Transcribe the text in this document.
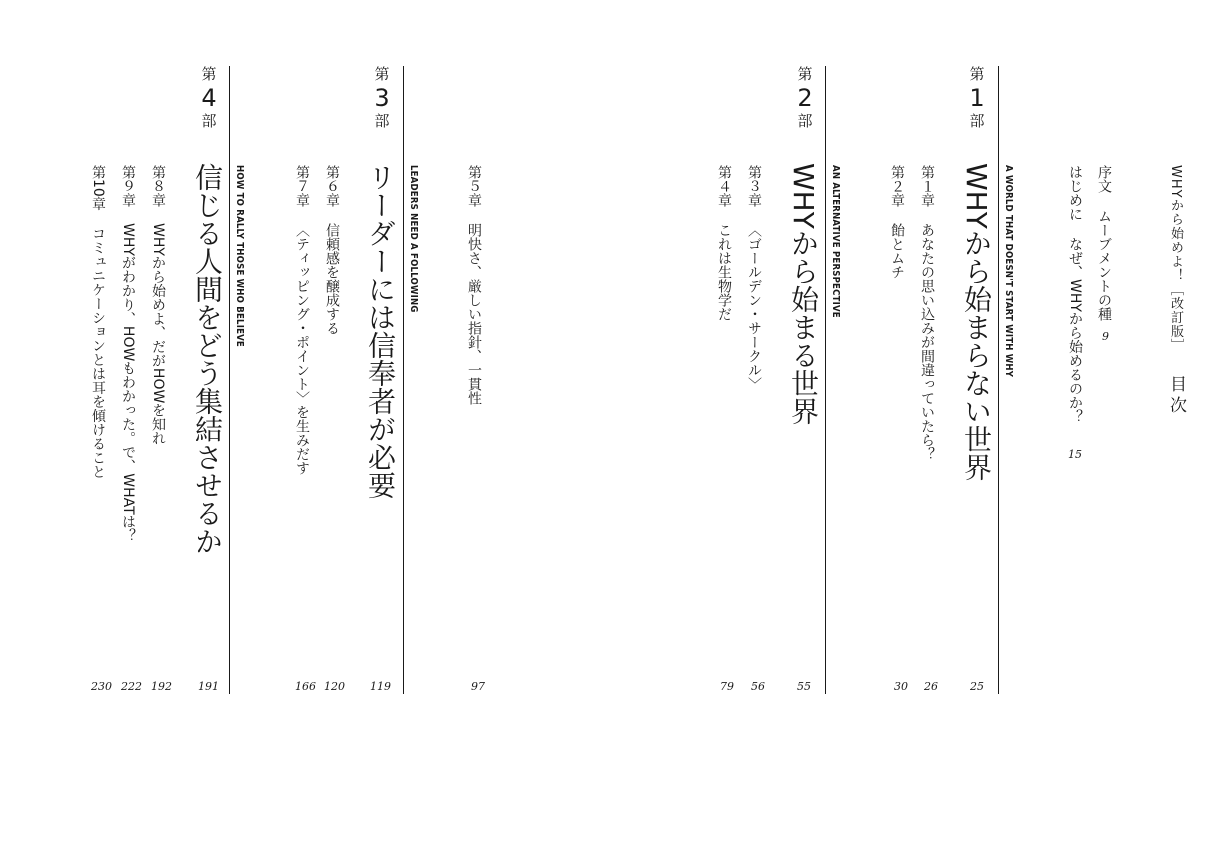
WHYから始めよ！［改訂版］
目次
序文ムーブメントの種
9
はじめになぜ、WHYから始めるのか？
15
第
1
部
WHYから始まらない世界
25
A WORLD THAT DOESN'T START WITH WHY
第１章あなたの思い込みが間違っていたら？
26
第２章飴とムチ
30
第
2
部
WHYから始まる世界
55
AN ALTERNATIVE PERSPECTIVE
第３章〈ゴールデン・サークル〉
56
第４章これは生物学だ
79
第
3
部
リーダーには信奉者が必要
119
LEADERS NEED A FOLLOWING	第５章明快さ、厳しい指針、一貫性
97
第６章信頼感を醸成する
120
第７章〈ティッピング・ポイント〉を生みだす
166
第
4
部
信じる人間をどう集結させるか
191
HOW TO RALLY THOSE WHO BELIEVE
第８章WHYから始めよ、だがHOWを知れ
192
第９章WHYがわかり、HOWもわかった。で、WHATは？
222
第10章コミュニケーションとは耳を傾けること
230
